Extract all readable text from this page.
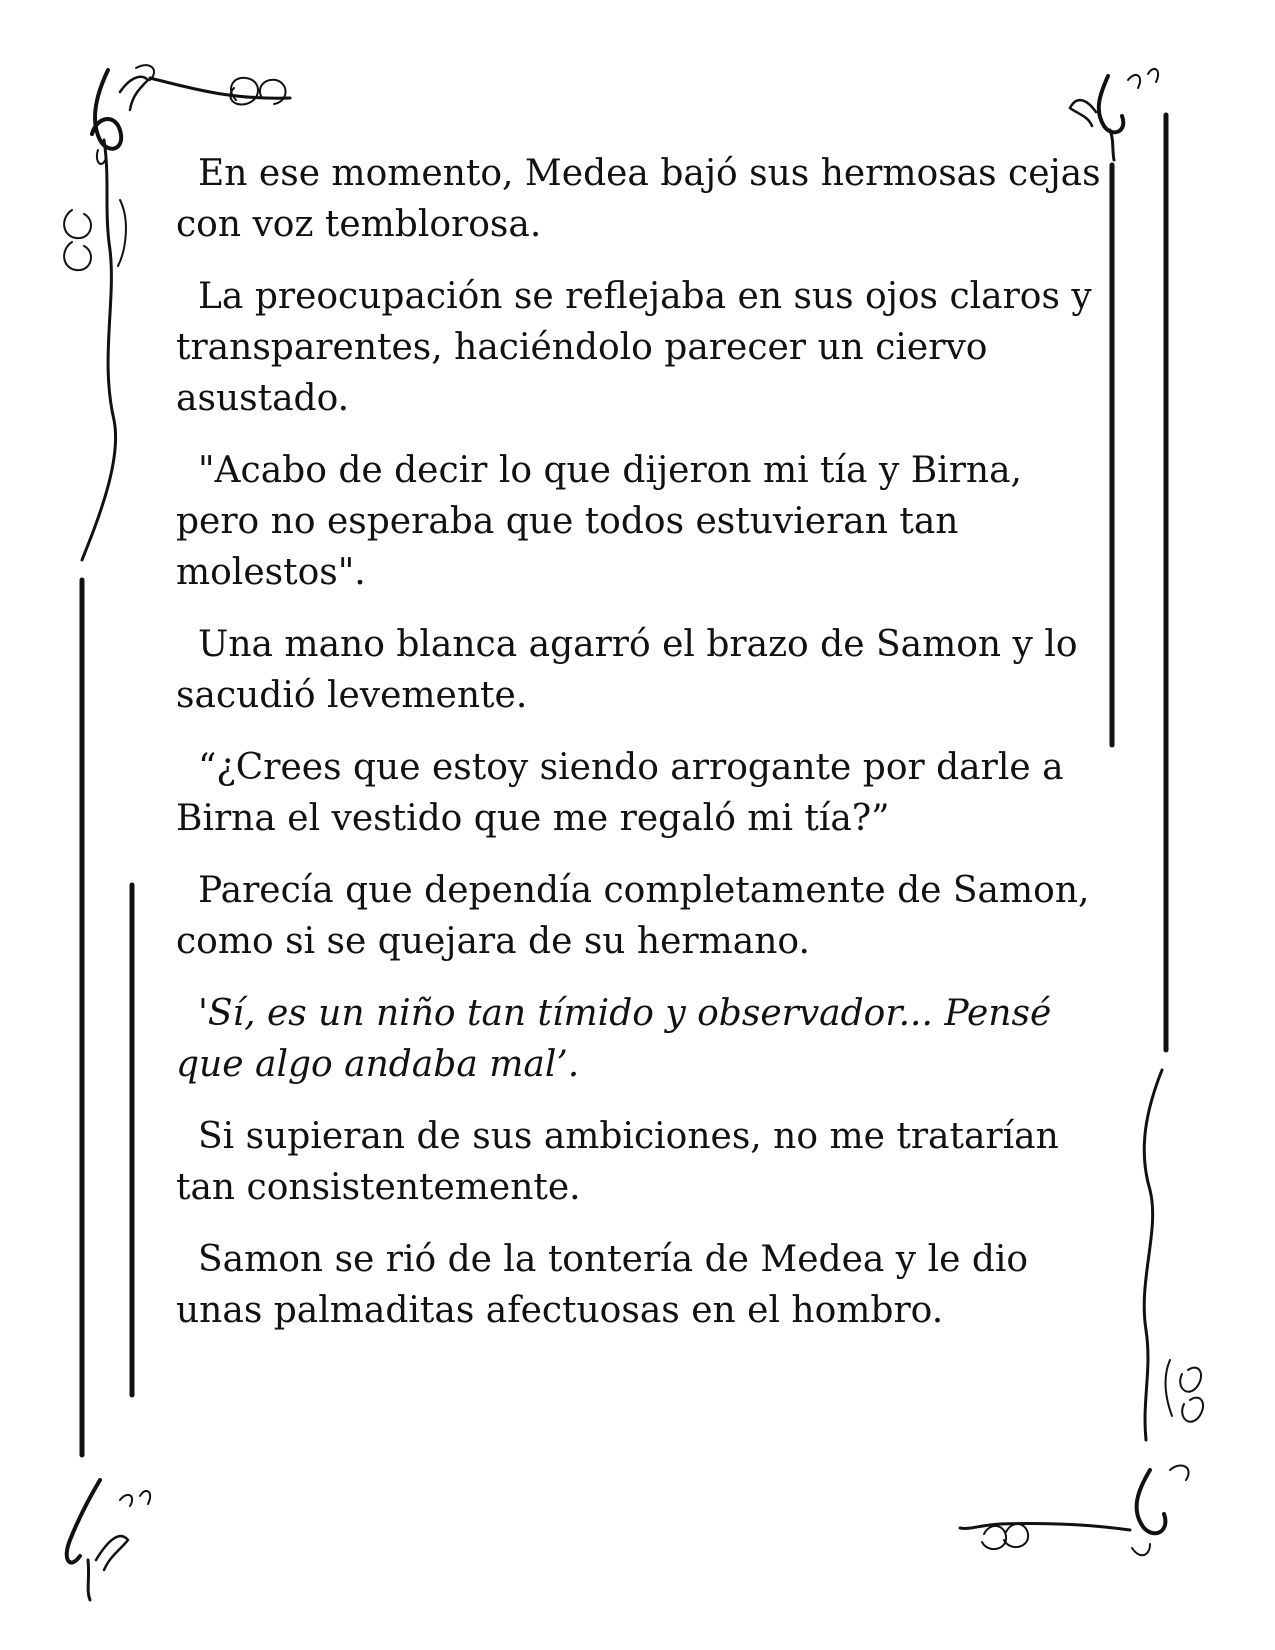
En ese momento, Medea bajó sus hermosas cejas con voz temblorosa.

La preocupación se reflejaba en sus ojos claros y transparentes, haciéndolo parecer un ciervo asustado.

"Acabo de decir lo que dijeron mi tía y Birna, pero no esperaba que todos estuvieran tan molestos".

Una mano blanca agarró el brazo de Samon y lo sacudió levemente.

“¿Crees que estoy siendo arrogante por darle a Birna el vestido que me regaló mi tía?”

Parecía que dependía completamente de Samon, como si se quejara de su hermano.

'Sí, es un niño tan tímido y observador... Pensé que algo andaba mal’.

Si supieran de sus ambiciones, no me tratarían tan consistentemente.

Samon se rió de la tontería de Medea y le dio unas palmaditas afectuosas en el hombro.
